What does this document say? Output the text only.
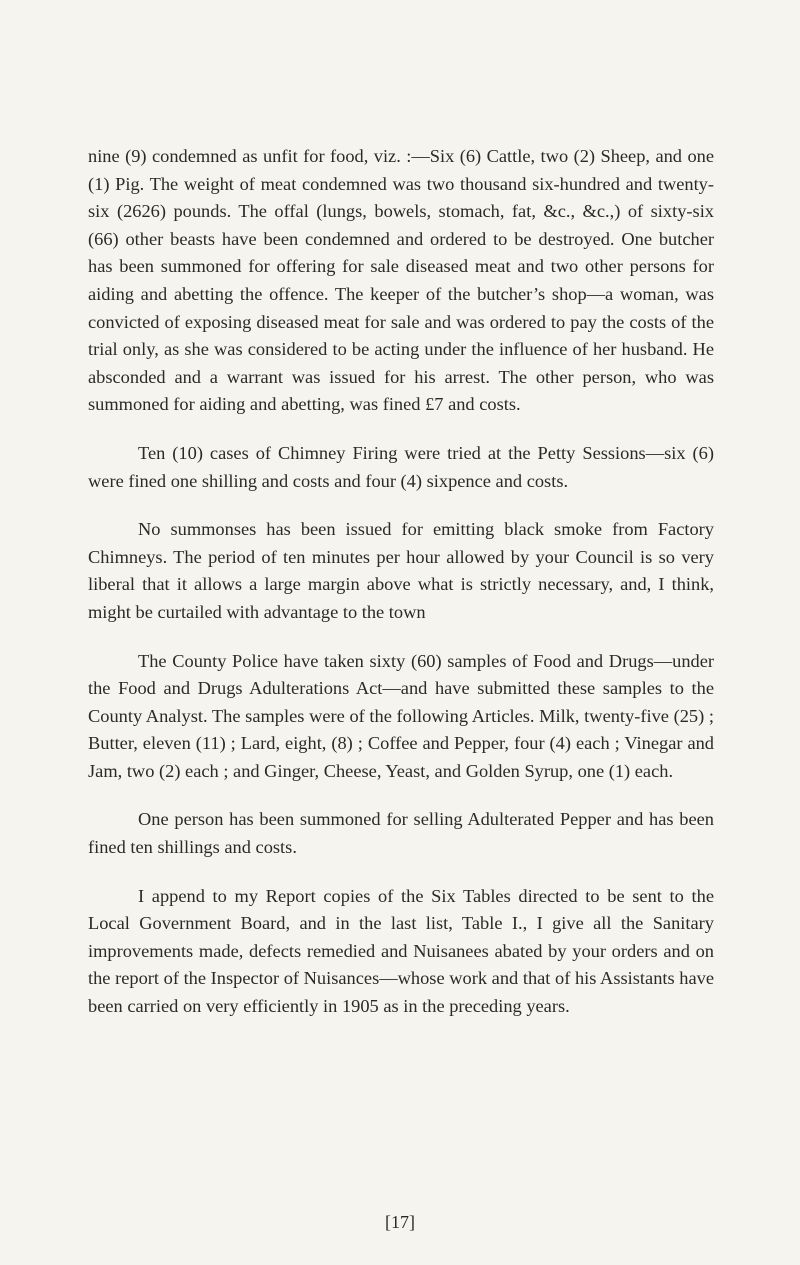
nine (9) condemned as unfit for food, viz. :—Six (6) Cattle, two (2) Sheep, and one (1) Pig. The weight of meat condemned was two thousand six-hundred and twenty-six (2626) pounds. The offal (lungs, bowels, stomach, fat, &c., &c.,) of sixty-six (66) other beasts have been condemned and ordered to be destroyed. One butcher has been summoned for offering for sale diseased meat and two other persons for aiding and abetting the offence. The keeper of the butcher’s shop—a woman, was convicted of exposing diseased meat for sale and was ordered to pay the costs of the trial only, as she was considered to be acting under the influence of her husband. He absconded and a warrant was issued for his arrest. The other person, who was summoned for aiding and abetting, was fined £7 and costs.

Ten (10) cases of Chimney Firing were tried at the Petty Sessions—six (6) were fined one shilling and costs and four (4) sixpence and costs.

No summonses has been issued for emitting black smoke from Factory Chimneys. The period of ten minutes per hour allowed by your Council is so very liberal that it allows a large margin above what is strictly necessary, and, I think, might be curtailed with advantage to the town

The County Police have taken sixty (60) samples of Food and Drugs—under the Food and Drugs Adulterations Act—and have submitted these samples to the County Analyst. The samples were of the following Articles. Milk, twenty-five (25) ; Butter, eleven (11) ; Lard, eight, (8) ; Coffee and Pepper, four (4) each ; Vinegar and Jam, two (2) each ; and Ginger, Cheese, Yeast, and Golden Syrup, one (1) each.

One person has been summoned for selling Adulterated Pepper and has been fined ten shillings and costs.

I append to my Report copies of the Six Tables directed to be sent to the Local Government Board, and in the last list, Table I., I give all the Sanitary improvements made, defects remedied and Nuisanees abated by your orders and on the report of the Inspector of Nuisances—whose work and that of his Assistants have been carried on very efficiently in 1905 as in the preceding years.

[17]
